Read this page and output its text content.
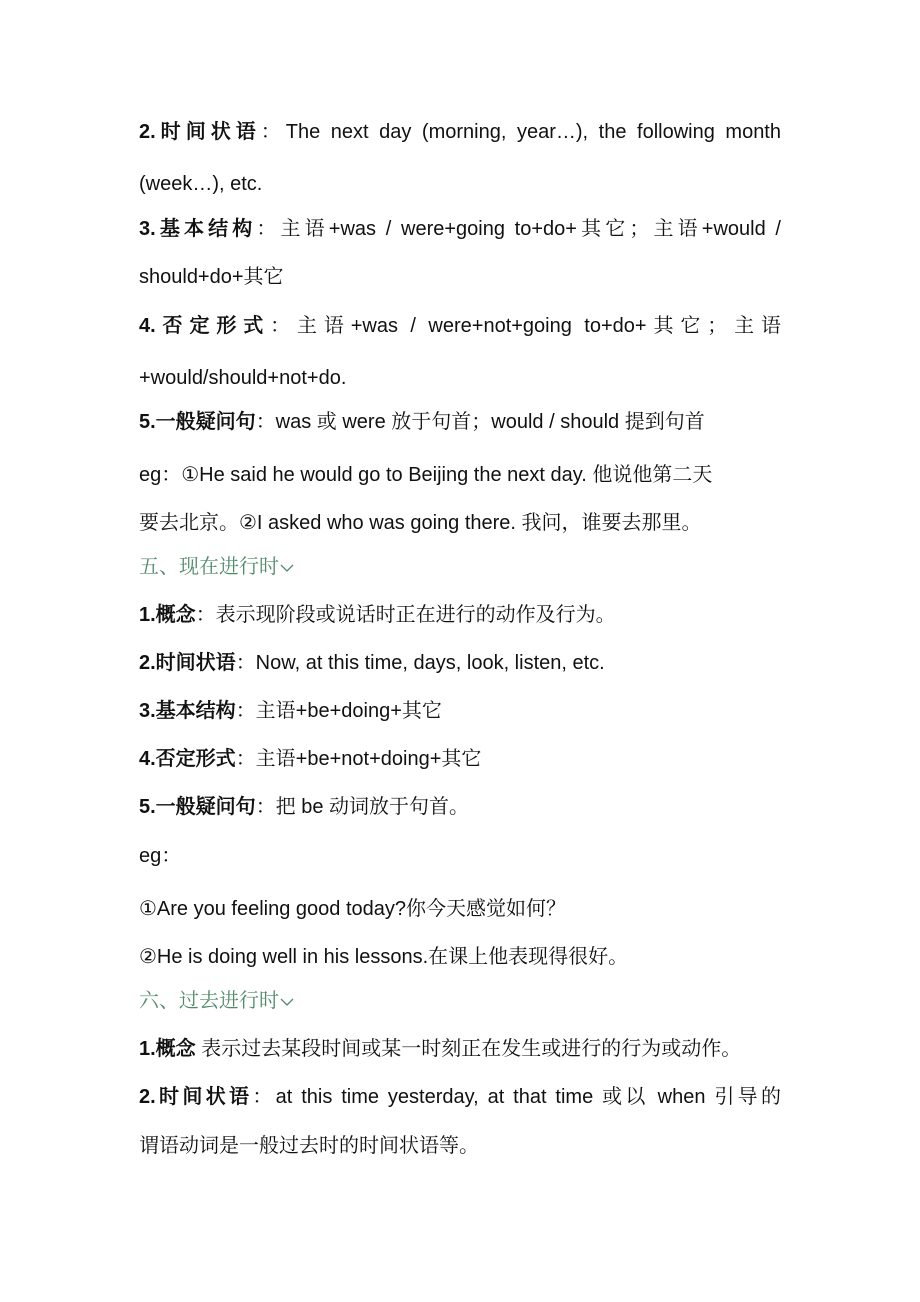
2.时间状语：The next day (morning, year…), the following month
(week…), etc.
3.基本结构：主语+was / were+going to+do+其它；主语+would /
should+do+其它
4.否定形式：主语+was / were+not+going to+do+其它；主语
+would/should+not+do.
5.一般疑问句：was 或 were 放于句首；would / should 提到句首
eg：①He said he would go to Beijing the next day. 他说他第二天
要去北京。②I asked who was going there. 我问，谁要去那里。
五、现在进行时
1.概念：表示现阶段或说话时正在进行的动作及行为。
2.时间状语：Now, at this time, days, look, listen, etc.
3.基本结构：主语+be+doing+其它
4.否定形式：主语+be+not+doing+其它
5.一般疑问句：把 be 动词放于句首。
eg：
①Are you feeling good today?你今天感觉如何？
②He is doing well in his lessons.在课上他表现得很好。
六、过去进行时
1.概念 表示过去某段时间或某一时刻正在发生或进行的行为或动作。
2.时间状语：at this time yesterday, at that time 或以 when 引导的
谓语动词是一般过去时的时间状语等。
